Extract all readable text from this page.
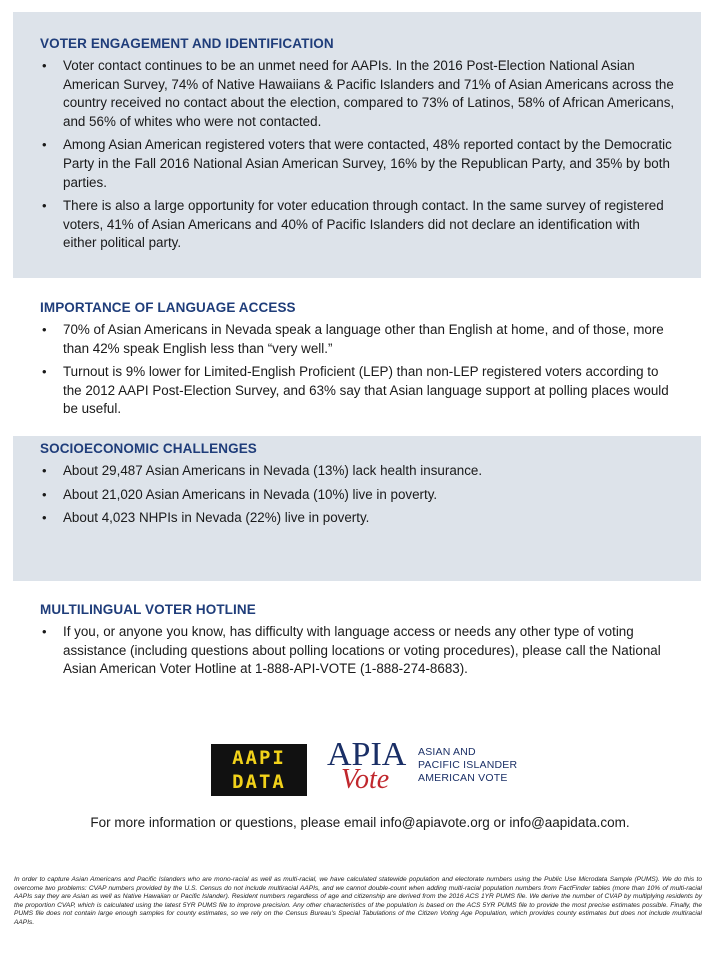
VOTER ENGAGEMENT AND IDENTIFICATION
• Voter contact continues to be an unmet need for AAPIs. In the 2016 Post-Election National Asian American Survey, 74% of Native Hawaiians & Pacific Islanders and 71% of Asian Americans across the country received no contact about the election, compared to 73% of Latinos, 58% of African Americans, and 56% of whites who were not contacted.
• Among Asian American registered voters that were contacted, 48% reported contact by the Democratic Party in the Fall 2016 National Asian American Survey, 16% by the Republican Party, and 35% by both parties.
• There is also a large opportunity for voter education through contact. In the same survey of registered voters, 41% of Asian Americans and 40% of Pacific Islanders did not declare an identification with either political party.
IMPORTANCE OF LANGUAGE ACCESS
• 70% of Asian Americans in Nevada speak a language other than English at home, and of those, more than 42% speak English less than “very well.”
• Turnout is 9% lower for Limited-English Proficient (LEP) than non-LEP registered voters according to the 2012 AAPI Post-Election Survey, and 63% say that Asian language support at polling places would be useful.
SOCIOECONOMIC CHALLENGES
• About 29,487 Asian Americans in Nevada (13%) lack health insurance.
• About 21,020 Asian Americans in Nevada (10%) live in poverty.
• About 4,023 NHPIs in Nevada (22%) live in poverty.
MULTILINGUAL VOTER HOTLINE
• If you, or anyone you know, has difficulty with language access or needs any other type of voting assistance (including questions about polling locations or voting procedures), please call the National Asian American Voter Hotline at 1-888-API-VOTE (1-888-274-8683).
AAPI
DATA
APIA
Vote
ASIAN AND
PACIFIC ISLANDER
AMERICAN VOTE
For more information or questions, please email info@apiavote.org or info@aapidata.com.
In order to capture Asian Americans and Pacific Islanders who are mono-racial as well as multi-racial, we have calculated statewide population and electorate numbers using the Public Use Microdata Sample (PUMS). We do this to overcome two problems: CVAP numbers provided by the U.S. Census do not include multiracial AAPIs, and we cannot double-count when adding multi-racial population numbers from FactFinder tables (more than 10% of multi-racial AAPIs say they are Asian as well as Native Hawaiian or Pacific Islander). Resident numbers regardless of age and citizenship are derived from the 2016 ACS 1YR PUMS file. We derive the number of CVAP by multiplying residents by the proportion CVAP, which is calculated using the latest 5YR PUMS file to improve precision. Any other characteristics of the population is based on the ACS 5YR PUMS file to provide the most precise estimates possible. Finally, the PUMS file does not contain large enough samples for county estimates, so we rely on the Census Bureau's Special Tabulations of the Citizen Voting Age Population, which provides county estimates but does not include multiracial AAPIs.
